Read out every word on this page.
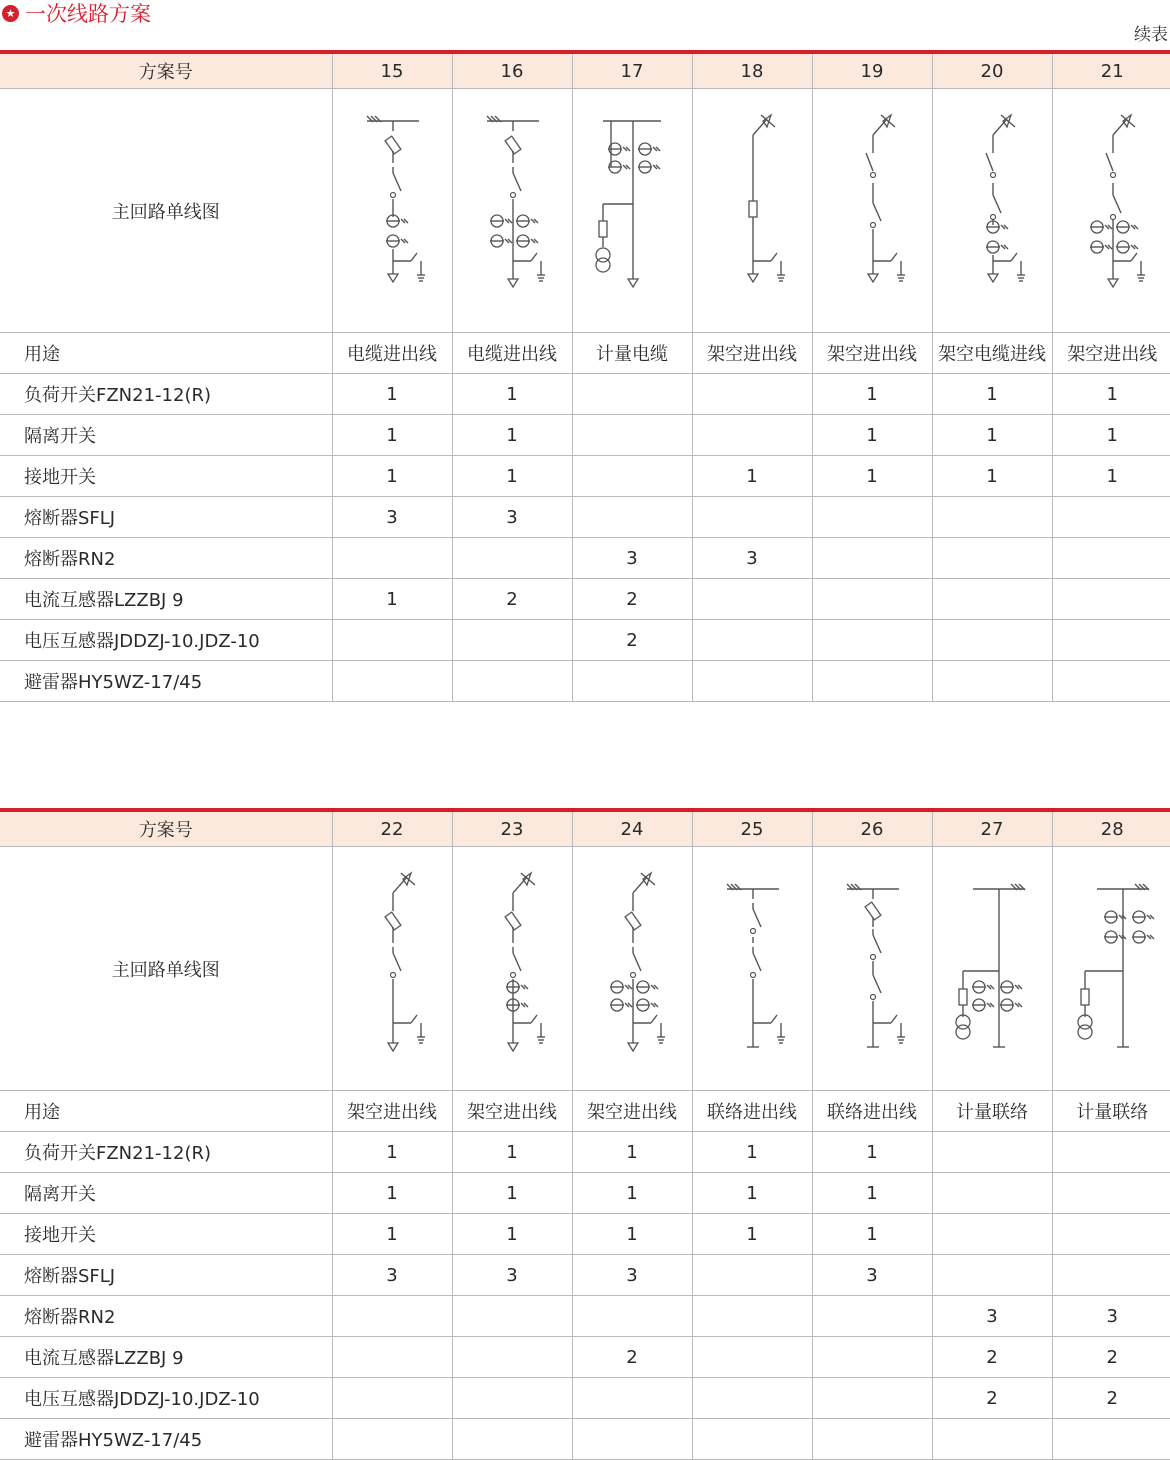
★ 一次线路方案
续表
方案号	15	16	17	18	19	20	21
主回路单线图	

用途	电缆进出线	电缆进出线	计量电缆	架空进出线	架空进出线	架空电缆进线	架空进出线
负荷开关FZN21-12(R)	1	1			1	1	1
隔离开关	1	1			1	1	1
接地开关	1	1		1	1	1	1
熔断器SFLJ	3	3					
熔断器RN2			3	3			
电流互感器LZZBJ 9	1	2	2				
电压互感器JDDZJ-10.JDZ-10			2				
避雷器HY5WZ-17/45							
方案号	22	23	24	25	26	27	28
主回路单线图	

用途	架空进出线	架空进出线	架空进出线	联络进出线	联络进出线	计量联络	计量联络
负荷开关FZN21-12(R)	1	1	1	1	1		
隔离开关	1	1	1	1	1		
接地开关	1	1	1	1	1		
熔断器SFLJ	3	3	3		3		
熔断器RN2						3	3
电流互感器LZZBJ 9			2			2	2
电压互感器JDDZJ-10.JDZ-10						2	2
避雷器HY5WZ-17/45							
